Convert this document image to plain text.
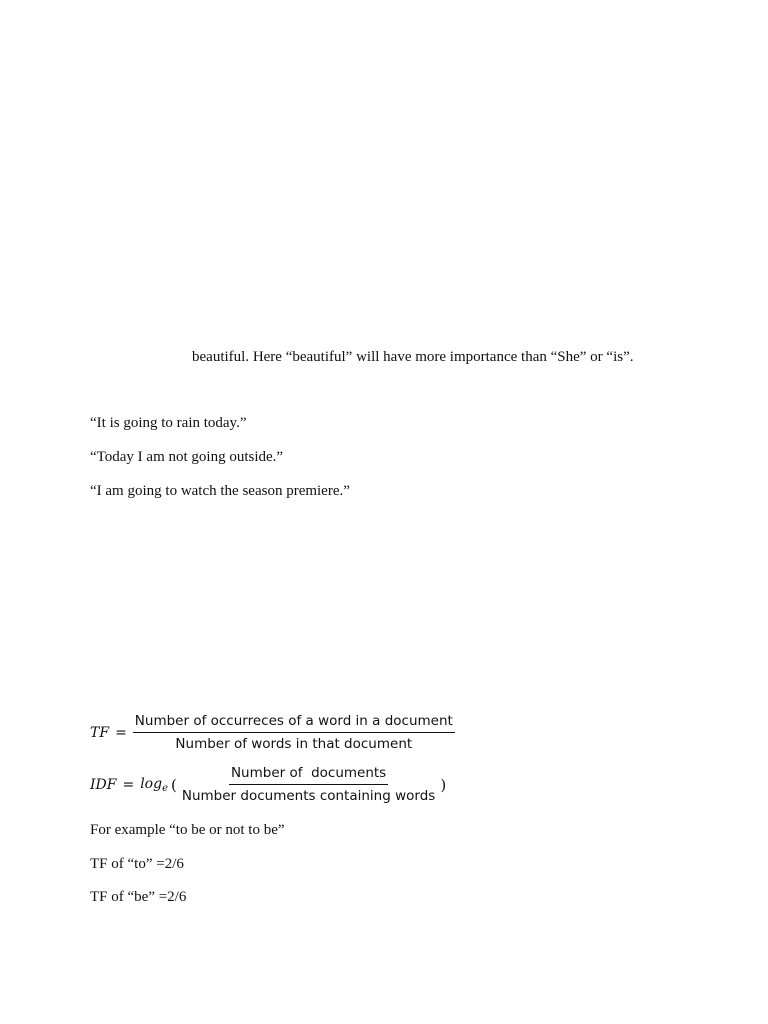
beautiful. Here “beautiful” will have more importance than “She” or “is”.
“It is going to rain today.”
“Today I am not going outside.”
“I am going to watch the season premiere.”
TF = $\frac{\text{Number of occurreces of a word in a document}}{\text{Number of words in that document}}$
IDF = $\log_e$ ( $\frac{\text{Number of  documents}}{\text{Number documents containing words}}$ )
For example “to be or not to be”
TF of “to” =2/6
TF of “be” =2/6
